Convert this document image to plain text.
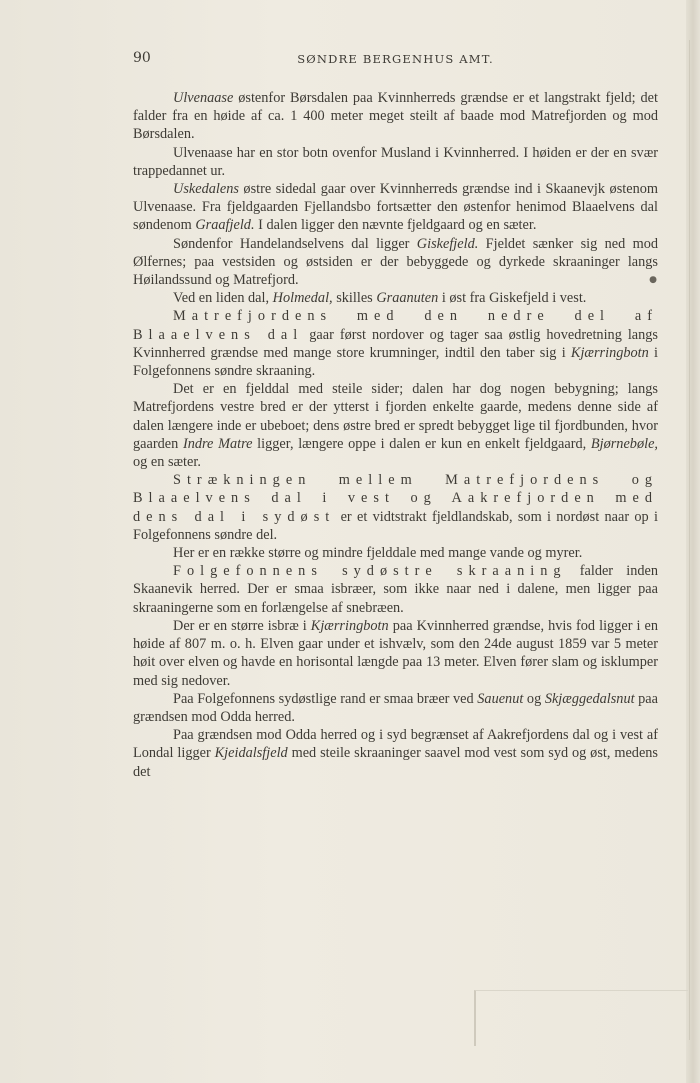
90	SØNDRE BERGENHUS AMT.

Ulvenaase østenfor Børsdalen paa Kvinnherreds grændse er et langstrakt fjeld; det falder fra en høide af ca. 1 400 meter meget steilt af baade mod Matrefjorden og mod Børsdalen.

Ulvenaase har en stor botn ovenfor Musland i Kvinnherred. I høiden er der en svær trappedannet ur.

Uskedalens østre sidedal gaar over Kvinnherreds grændse ind i Skaanevjk østenom Ulvenaase. Fra fjeldgaarden Fjellandsbo fortsætter den østenfor henimod Blaaelvens dal søndenom Graafjeld. I dalen ligger den nævnte fjeldgaard og en sæter.

Søndenfor Handelandselvens dal ligger Giskefjeld. Fjeldet sænker sig ned mod Ølfernes; paa vestsiden og østsiden er der bebyggede og dyrkede skraaninger langs Høilandssund og Matrefjord.

Ved en liden dal, Holmedal, skilles Graanuten i øst fra Giskefjeld i vest.

Matrefjordens med den nedre del af Blaaelvens dal gaar først nordover og tager saa østlig hovedretning langs Kvinnherred grændse med mange store krumninger, indtil den taber sig i Kjærringbotn i Folgefonnens søndre skraaning.

Det er en fjelddal med steile sider; dalen har dog nogen bebygning; langs Matrefjordens vestre bred er der ytterst i fjorden enkelte gaarde, medens denne side af dalen længere inde er ubeboet; dens østre bred er spredt bebygget lige til fjordbunden, hvor gaarden Indre Matre ligger, længere oppe i dalen er kun en enkelt fjeldgaard, Bjørnebøle, og en sæter.

Strækningen mellem Matrefjordens og Blaaelvens dal i vest og Aakrefjorden med dens dal i sydøst er et vidtstrakt fjeldlandskab, som i nordøst naar op i Folgefonnens søndre del.

Her er en række større og mindre fjelddale med mange vande og myrer.

Folgefonnens sydøstre skraaning falder inden Skaanevik herred. Der er smaa isbræer, som ikke naar ned i dalene, men ligger paa skraaningerne som en forlængelse af snebræen.

Der er en større isbræ i Kjærringbotn paa Kvinnherred grændse, hvis fod ligger i en høide af 807 m. o. h. Elven gaar under et ishvælv, som den 24de august 1859 var 5 meter høit over elven og havde en horisontal længde paa 13 meter. Elven fører slam og isklumper med sig nedover.

Paa Folgefonnens sydøstlige rand er smaa bræer ved Sauenut og Skjæggedalsnut paa grændsen mod Odda herred.

Paa grændsen mod Odda herred og i syd begrænset af Aakrefjordens dal og i vest af Londal ligger Kjeidalsfjeld med steile skraaninger saavel mod vest som syd og øst, medens det

●
